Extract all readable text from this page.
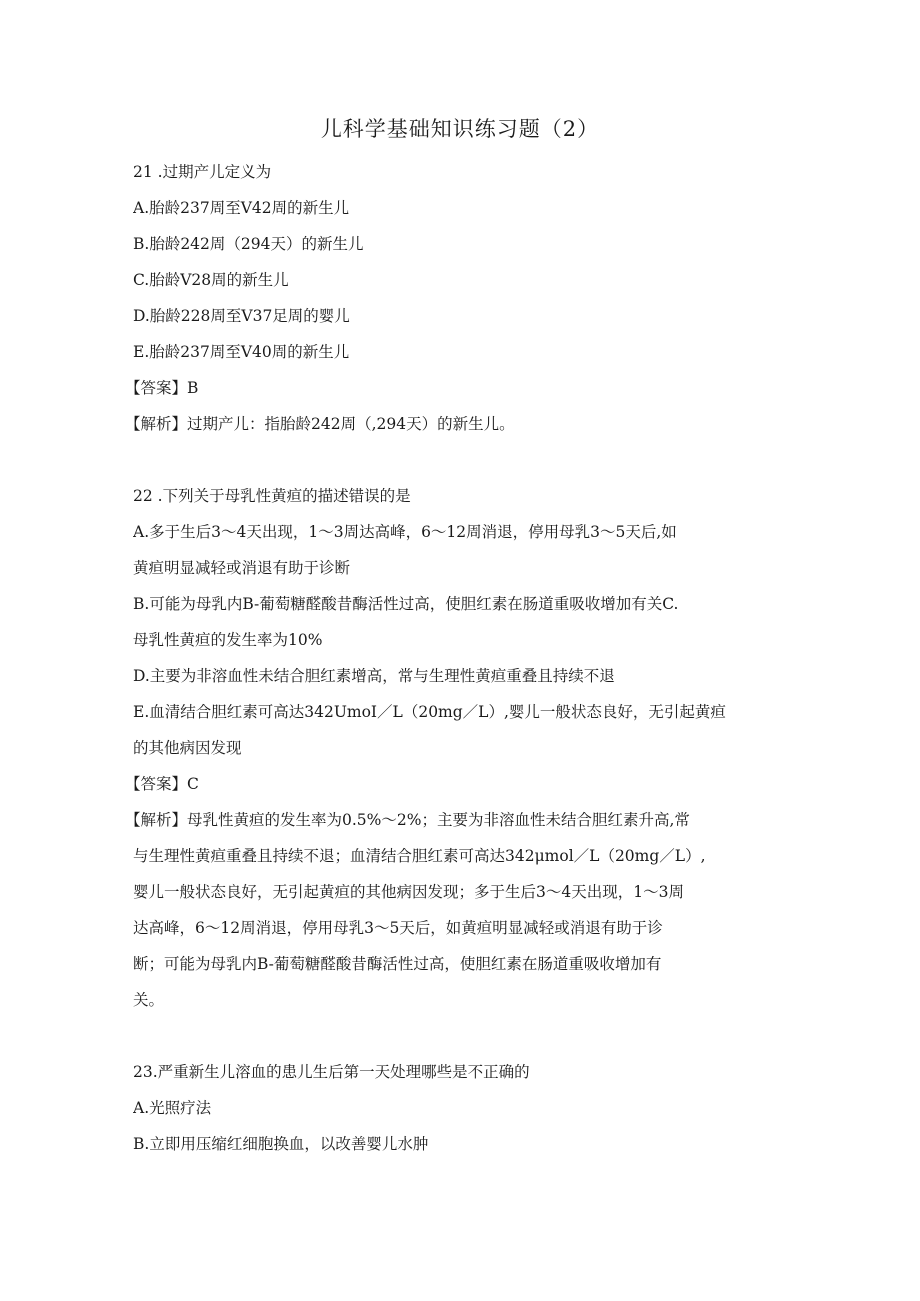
儿科学基础知识练习题（2）
21 .过期产儿定义为
A.胎龄237周至V42周的新生儿
B.胎龄242周（294天）的新生儿
C.胎龄V28周的新生儿
D.胎龄228周至V37足周的婴儿
E.胎龄237周至V40周的新生儿
【答案】B
【解析】过期产儿：指胎龄242周（,294天）的新生儿。
22 .下列关于母乳性黄疸的描述错误的是
A.多于生后3～4天出现，1～3周达高峰，6～12周消退，停用母乳3～5天后,如
黄疸明显减轻或消退有助于诊断
B.可能为母乳内B-葡萄糖醛酸昔酶活性过高，使胆红素在肠道重吸收增加有关C.
母乳性黄疸的发生率为10%
D.主要为非溶血性未结合胆红素增高，常与生理性黄疸重叠且持续不退
E.血清结合胆红素可高达342UmoI／L（20mg／L）,婴儿一般状态良好，无引起黄疸
的其他病因发现
【答案】C
【解析】母乳性黄疸的发生率为0.5%～2%；主要为非溶血性未结合胆红素升高,常
与生理性黄疸重叠且持续不退；血清结合胆红素可高达342μmol／L（20mg／L）,
婴儿一般状态良好，无引起黄疸的其他病因发现；多于生后3～4天出现，1～3周
达高峰，6～12周消退，停用母乳3～5天后，如黄疸明显减轻或消退有助于诊
断；可能为母乳内B-葡萄糖醛酸昔酶活性过高，使胆红素在肠道重吸收增加有
关。
23.严重新生儿溶血的患儿生后第一天处理哪些是不正确的
A.光照疗法
B.立即用压缩红细胞换血，以改善婴儿水肿
